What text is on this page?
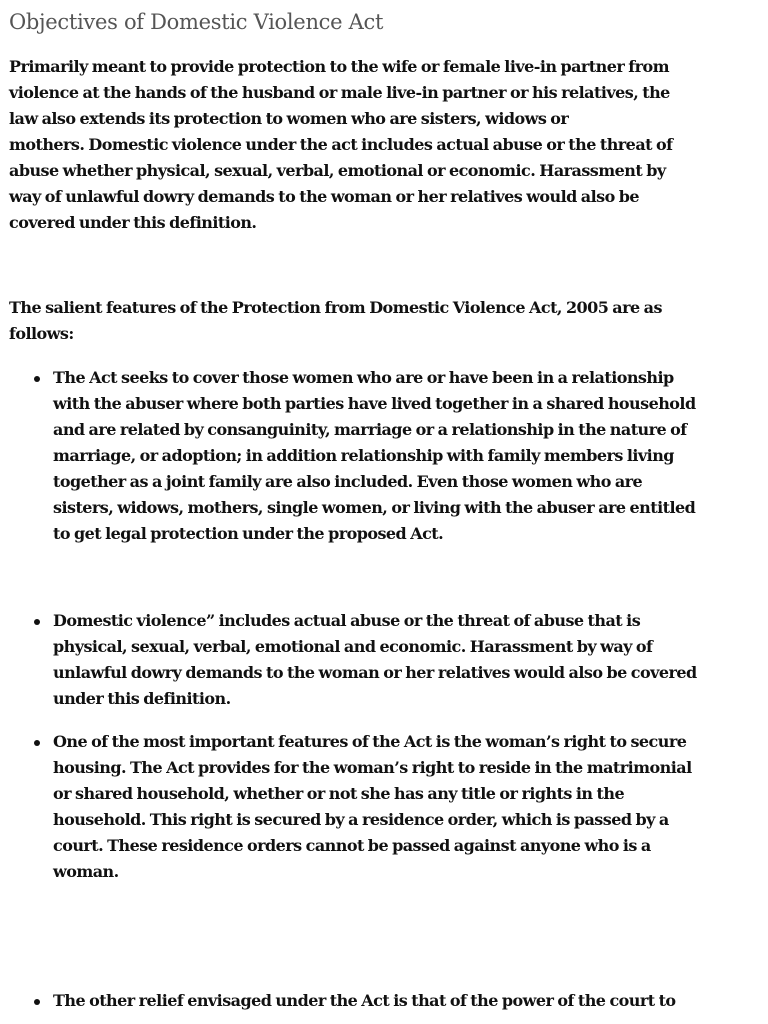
Objectives of Domestic Violence Act

Primarily meant to provide protection to the wife or female live-in partner from
violence at the hands of the husband or male live-in partner or his relatives, the
law also extends its protection to women who are sisters, widows or
mothers. Domestic violence under the act includes actual abuse or the threat of
abuse whether physical, sexual, verbal, emotional or economic. Harassment by
way of unlawful dowry demands to the woman or her relatives would also be
covered under this definition.

The salient features of the Protection from Domestic Violence Act, 2005 are as
follows:

The Act seeks to cover those women who are or have been in a relationship
with the abuser where both parties have lived together in a shared household
and are related by consanguinity, marriage or a relationship in the nature of
marriage, or adoption; in addition relationship with family members living
together as a joint family are also included. Even those women who are
sisters, widows, mothers, single women, or living with the abuser are entitled
to get legal protection under the proposed Act.
Domestic violence” includes actual abuse or the threat of abuse that is
physical, sexual, verbal, emotional and economic. Harassment by way of
unlawful dowry demands to the woman or her relatives would also be covered
under this definition.
One of the most important features of the Act is the woman’s right to secure
housing. The Act provides for the woman’s right to reside in the matrimonial
or shared household, whether or not she has any title or rights in the
household. This right is secured by a residence order, which is passed by a
court. These residence orders cannot be passed against anyone who is a
woman.
The other relief envisaged under the Act is that of the power of the court to
